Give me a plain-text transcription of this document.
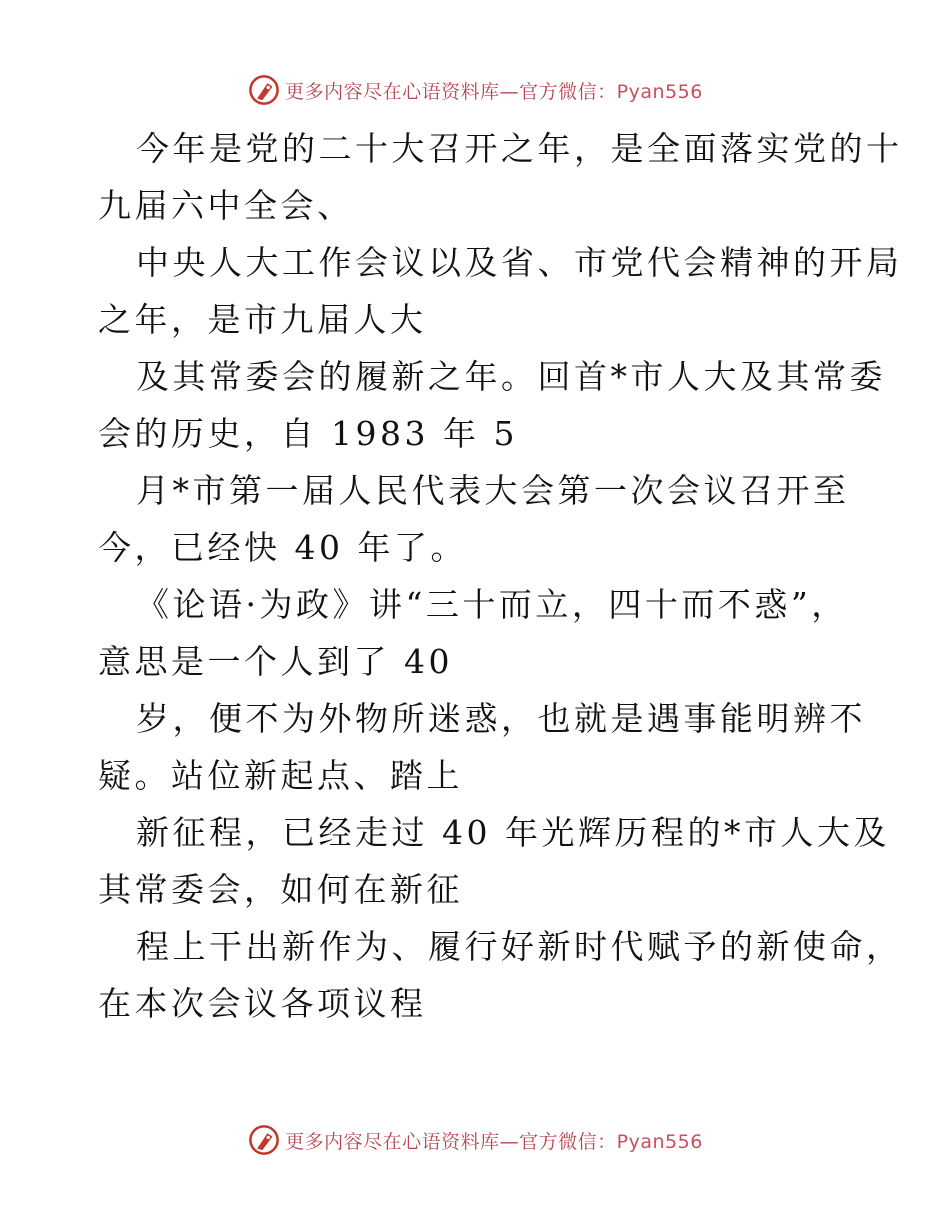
更多内容尽在心语资料库—官方微信：Pyan556

今年是党的二十大召开之年，是全面落实党的十

九届六中全会、

中央人大工作会议以及省、市党代会精神的开局

之年，是市九届人大

及其常委会的履新之年。回首*市人大及其常委

会的历史，自 1983 年 5

月*市第一届人民代表大会第一次会议召开至

今，已经快 40 年了。

《论语·为政》讲“三十而立，四十而不惑”，

意思是一个人到了 40

岁，便不为外物所迷惑，也就是遇事能明辨不

疑。站位新起点、踏上

新征程，已经走过 40 年光辉历程的*市人大及

其常委会，如何在新征

程上干出新作为、履行好新时代赋予的新使命，

在本次会议各项议程

更多内容尽在心语资料库—官方微信：Pyan556
